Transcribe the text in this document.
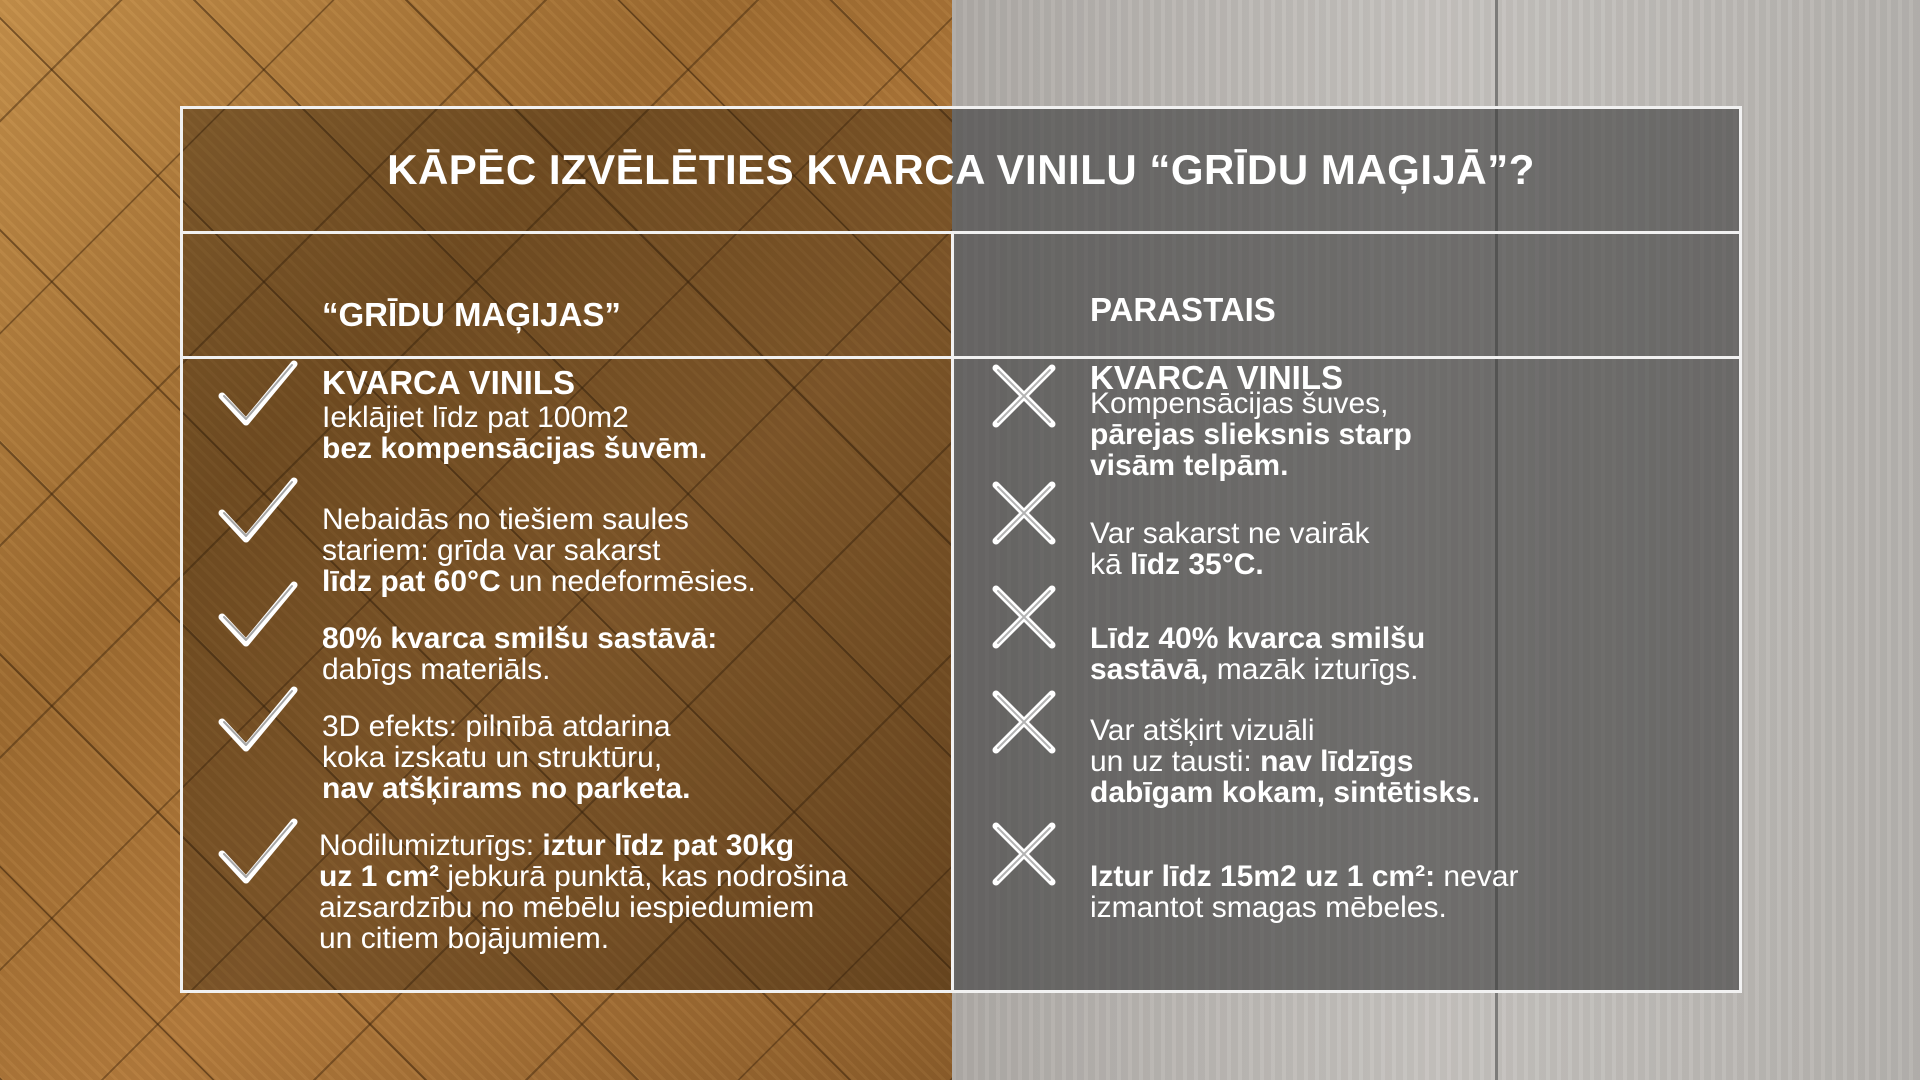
KĀPĒC IZVĒLĒTIES KVARCA VINILU “GRĪDU MAĢIJĀ”?

“GRĪDU MAĢIJAS”

KVARCA VINILS

PARASTAIS

KVARCA VINILS

Ieklājiet līdz pat 100m2
bez kompensācijas šuvēm.
Nebaidās no tiešiem saules
stariem: grīda var sakarst
līdz pat 60°C un nedeformēsies.
80% kvarca smilšu sastāvā:
dabīgs materiāls.
3D efekts: pilnībā atdarina
koka izskatu un struktūru,
nav atšķirams no parketa.
Nodilumizturīgs: iztur līdz pat 30kg
uz 1 cm² jebkurā punktā, kas nodrošina
aizsardzību no mēbēlu iespiedumiem
un citiem bojājumiem.
Kompensācijas šuves,
pārejas slieksnis starp
visām telpām.
Var sakarst ne vairāk
kā līdz 35°C.
Līdz 40% kvarca smilšu
sastāvā, mazāk izturīgs.
Var atšķirt vizuāli
un uz tausti: nav līdzīgs
dabīgam kokam, sintētisks.
Iztur līdz 15m2 uz 1 cm²: nevar
izmantot smagas mēbeles.
